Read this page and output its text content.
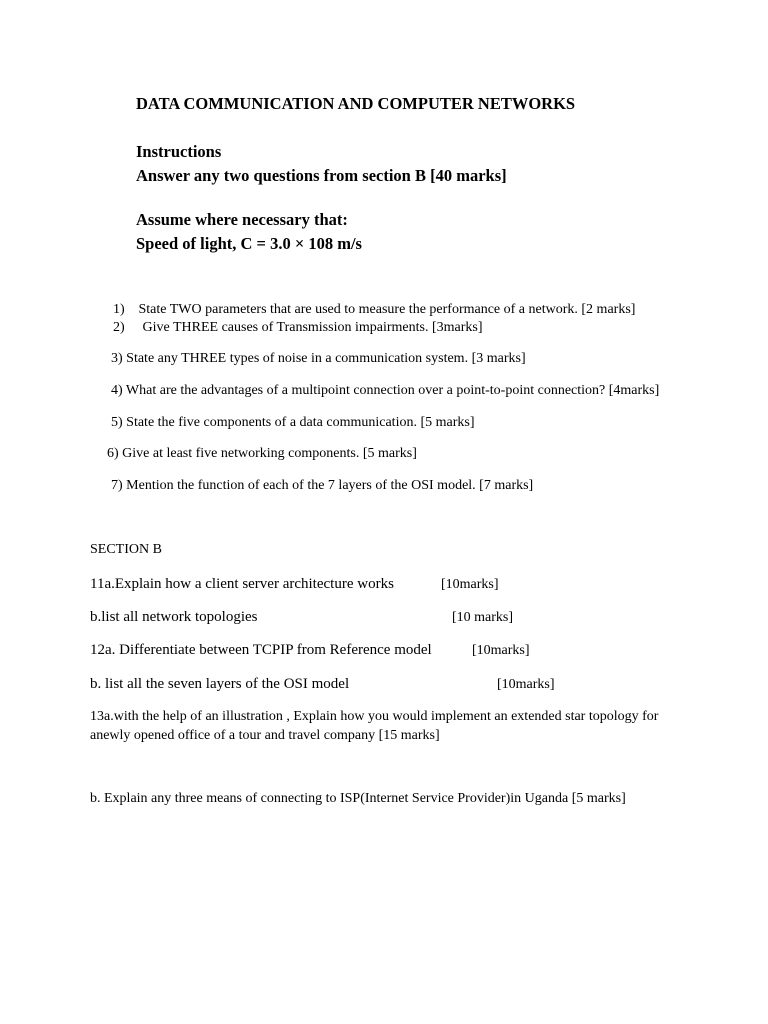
DATA COMMUNICATION AND COMPUTER NETWORKS
Instructions
Answer any two questions from section B [40 marks]
Assume where necessary that:
Speed of light, C = 3.0 × 108 m/s
1) State TWO parameters that are used to measure the performance of a network. [2 marks]
2) Give THREE causes of Transmission impairments. [3marks]
3) State any THREE types of noise in a communication system. [3 marks]
4) What are the advantages of a multipoint connection over a point-to-point connection? [4marks]
5) State the five components of a data communication. [5 marks]
6) Give at least five networking components. [5 marks]
7) Mention the function of each of the 7 layers of the OSI model. [7 marks]
SECTION B
11a.Explain how a client server architecture works	[10marks]
b.list all network topologies	[10 marks]
12a. Differentiate between TCPIP from Reference model	[10marks]
b. list all the seven layers of the OSI model	[10marks]
13a.with the help of an illustration , Explain how you would implement an extended star topology for
anewly opened office of a tour and travel company [15 marks]
b. Explain any three means of connecting to ISP(Internet Service Provider)in Uganda [5 marks]
